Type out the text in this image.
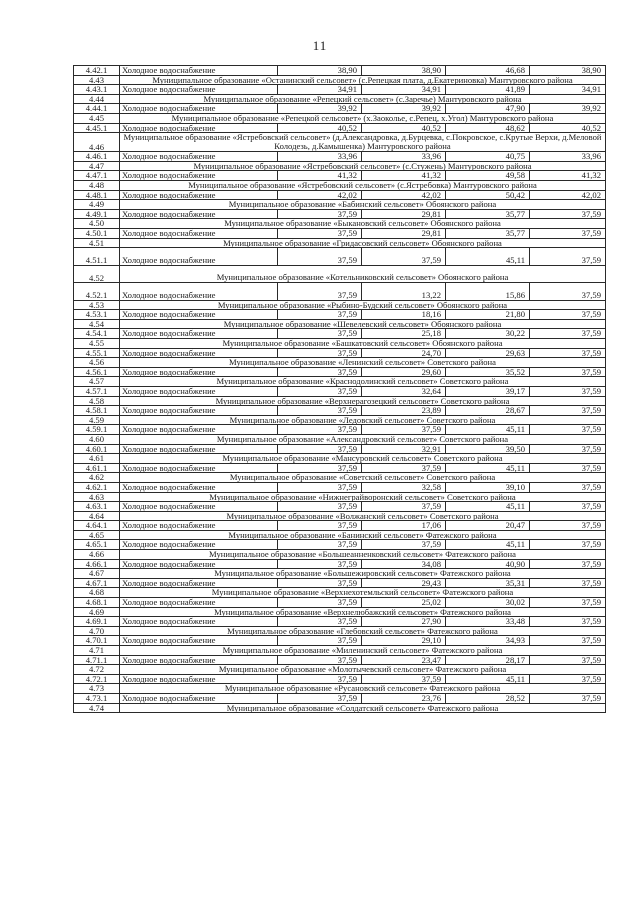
11
4.42.1	Холодное водоснабжение	38,90	38,90	46,68	38,90
4.43	Муниципальное образование «Останинский сельсовет» (с.Репецкая плата, д.Екатериновка) Мантуровского района				
4.43.1	Холодное водоснабжение	34,91	34,91	41,89	34,91
4.44	Муниципальное образование «Репецкий сельсовет» (с.Заречье) Мантуровского района				
4.44.1	Холодное водоснабжение	39,92	39,92	47,90	39,92
4.45	Муниципальное образование «Репецкой сельсовет» (х.Заоколье, с.Репец, х.Угол) Мантуровского района				
4.45.1	Холодное водоснабжение	40,52	40,52	48,62	40,52
4.46	Муниципальное образование «Ястребовский сельсовет» (д.Александровка, д.Бурцевка, с.Покровское, с.Крутые Верхи, д.Меловой Колодезь, д.Камышенка) Мантуровского района				
4.46.1	Холодное водоснабжение	33,96	33,96	40,75	33,96
4.47	Муниципальное образование «Ястребовский сельсовет» (с.Стужень) Мантуровского района				
4.47.1	Холодное водоснабжение	41,32	41,32	49,58	41,32
4.48	Муниципальное образование «Ястребовский сельсовет» (с.Ястребовка) Мантуровского района				
4.48.1	Холодное водоснабжение	42,02	42,02	50,42	42,02
4.49	Муниципальное образование «Бабинский сельсовет» Обоянского района				
4.49.1	Холодное водоснабжение	37,59	29,81	35,77	37,59
4.50	Муниципальное образование «Быкановский сельсовет» Обоянского района				
4.50.1	Холодное водоснабжение	37,59	29,81	35,77	37,59
4.51	Муниципальное образование «Гридасовский сельсовет» Обоянского района				
4.51.1	Холодное водоснабжение	37,59	37,59	45,11	37,59
4.52	Муниципальное образование «Котельниковский сельсовет» Обоянского района				
4.52.1	Холодное водоснабжение	37,59	13,22	15,86	37,59
4.53	Муниципальное образование «Рыбино-Будский сельсовет» Обоянского района				
4.53.1	Холодное водоснабжение	37,59	18,16	21,80	37,59
4.54	Муниципальное образование «Шевелевский сельсовет» Обоянского района				
4.54.1	Холодное водоснабжение	37,59	25,18	30,22	37,59
4.55	Муниципальное образование «Башкатовский сельсовет» Обоянского района				
4.55.1	Холодное водоснабжение	37,59	24,70	29,63	37,59
4.56	Муниципальное образование «Ленинский сельсовет» Советского района				
4.56.1	Холодное водоснабжение	37,59	29,60	35,52	37,59
4.57	Муниципальное образование «Краснодолинский сельсовет» Советского района				
4.57.1	Холодное водоснабжение	37,59	32,64	39,17	37,59
4.58	Муниципальное образование «Верхнерагозецкий сельсовет» Советского района				
4.58.1	Холодное водоснабжение	37,59	23,89	28,67	37,59
4.59	Муниципальное образование «Ледовский сельсовет» Советского района				
4.59.1	Холодное водоснабжение	37,59	37,59	45,11	37,59
4.60	Муниципальное образование «Александровский сельсовет» Советского района				
4.60.1	Холодное водоснабжение	37,59	32,91	39,50	37,59
4.61	Муниципальное образование «Мансуровский сельсовет» Советского района				
4.61.1	Холодное водоснабжение	37,59	37,59	45,11	37,59
4.62	Муниципальное образование «Советский сельсовет» Советского района				
4.62.1	Холодное водоснабжение	37,59	32,58	39,10	37,59
4.63	Муниципальное образование «Нижнеграйворонский сельсовет» Советского района				
4.63.1	Холодное водоснабжение	37,59	37,59	45,11	37,59
4.64	Муниципальное образование «Волжанский сельсовет» Советского района				
4.64.1	Холодное водоснабжение	37,59	17,06	20,47	37,59
4.65	Муниципальное образование «Банинский сельсовет» Фатежского района				
4.65.1	Холодное водоснабжение	37,59	37,59	45,11	37,59
4.66	Муниципальное образование «Большеанненковский сельсовет» Фатежского района				
4.66.1	Холодное водоснабжение	37,59	34,08	40,90	37,59
4.67	Муниципальное образование «Большежировский сельсовет» Фатежского района				
4.67.1	Холодное водоснабжение	37,59	29,43	35,31	37,59
4.68	Муниципальное образование «Верхнехотемльский сельсовет» Фатежского района				
4.68.1	Холодное водоснабжение	37,59	25,02	30,02	37,59
4.69	Муниципальное образование «Верхнелюбажский сельсовет» Фатежского района				
4.69.1	Холодное водоснабжение	37,59	27,90	33,48	37,59
4.70	Муниципальное образование «Глебовский сельсовет» Фатежского района				
4.70.1	Холодное водоснабжение	37,59	29,10	34,93	37,59
4.71	Муниципальное образование «Миленинский сельсовет» Фатежского района				
4.71.1	Холодное водоснабжение	37,59	23,47	28,17	37,59
4.72	Муниципальное образование «Молотычевский сельсовет» Фатежского района				
4.72.1	Холодное водоснабжение	37,59	37,59	45,11	37,59
4.73	Муниципальное образование «Русановский сельсовет» Фатежского района				
4.73.1	Холодное водоснабжение	37,59	23,76	28,52	37,59
4.74	Муниципальное образование «Солдатский сельсовет» Фатежского района				
